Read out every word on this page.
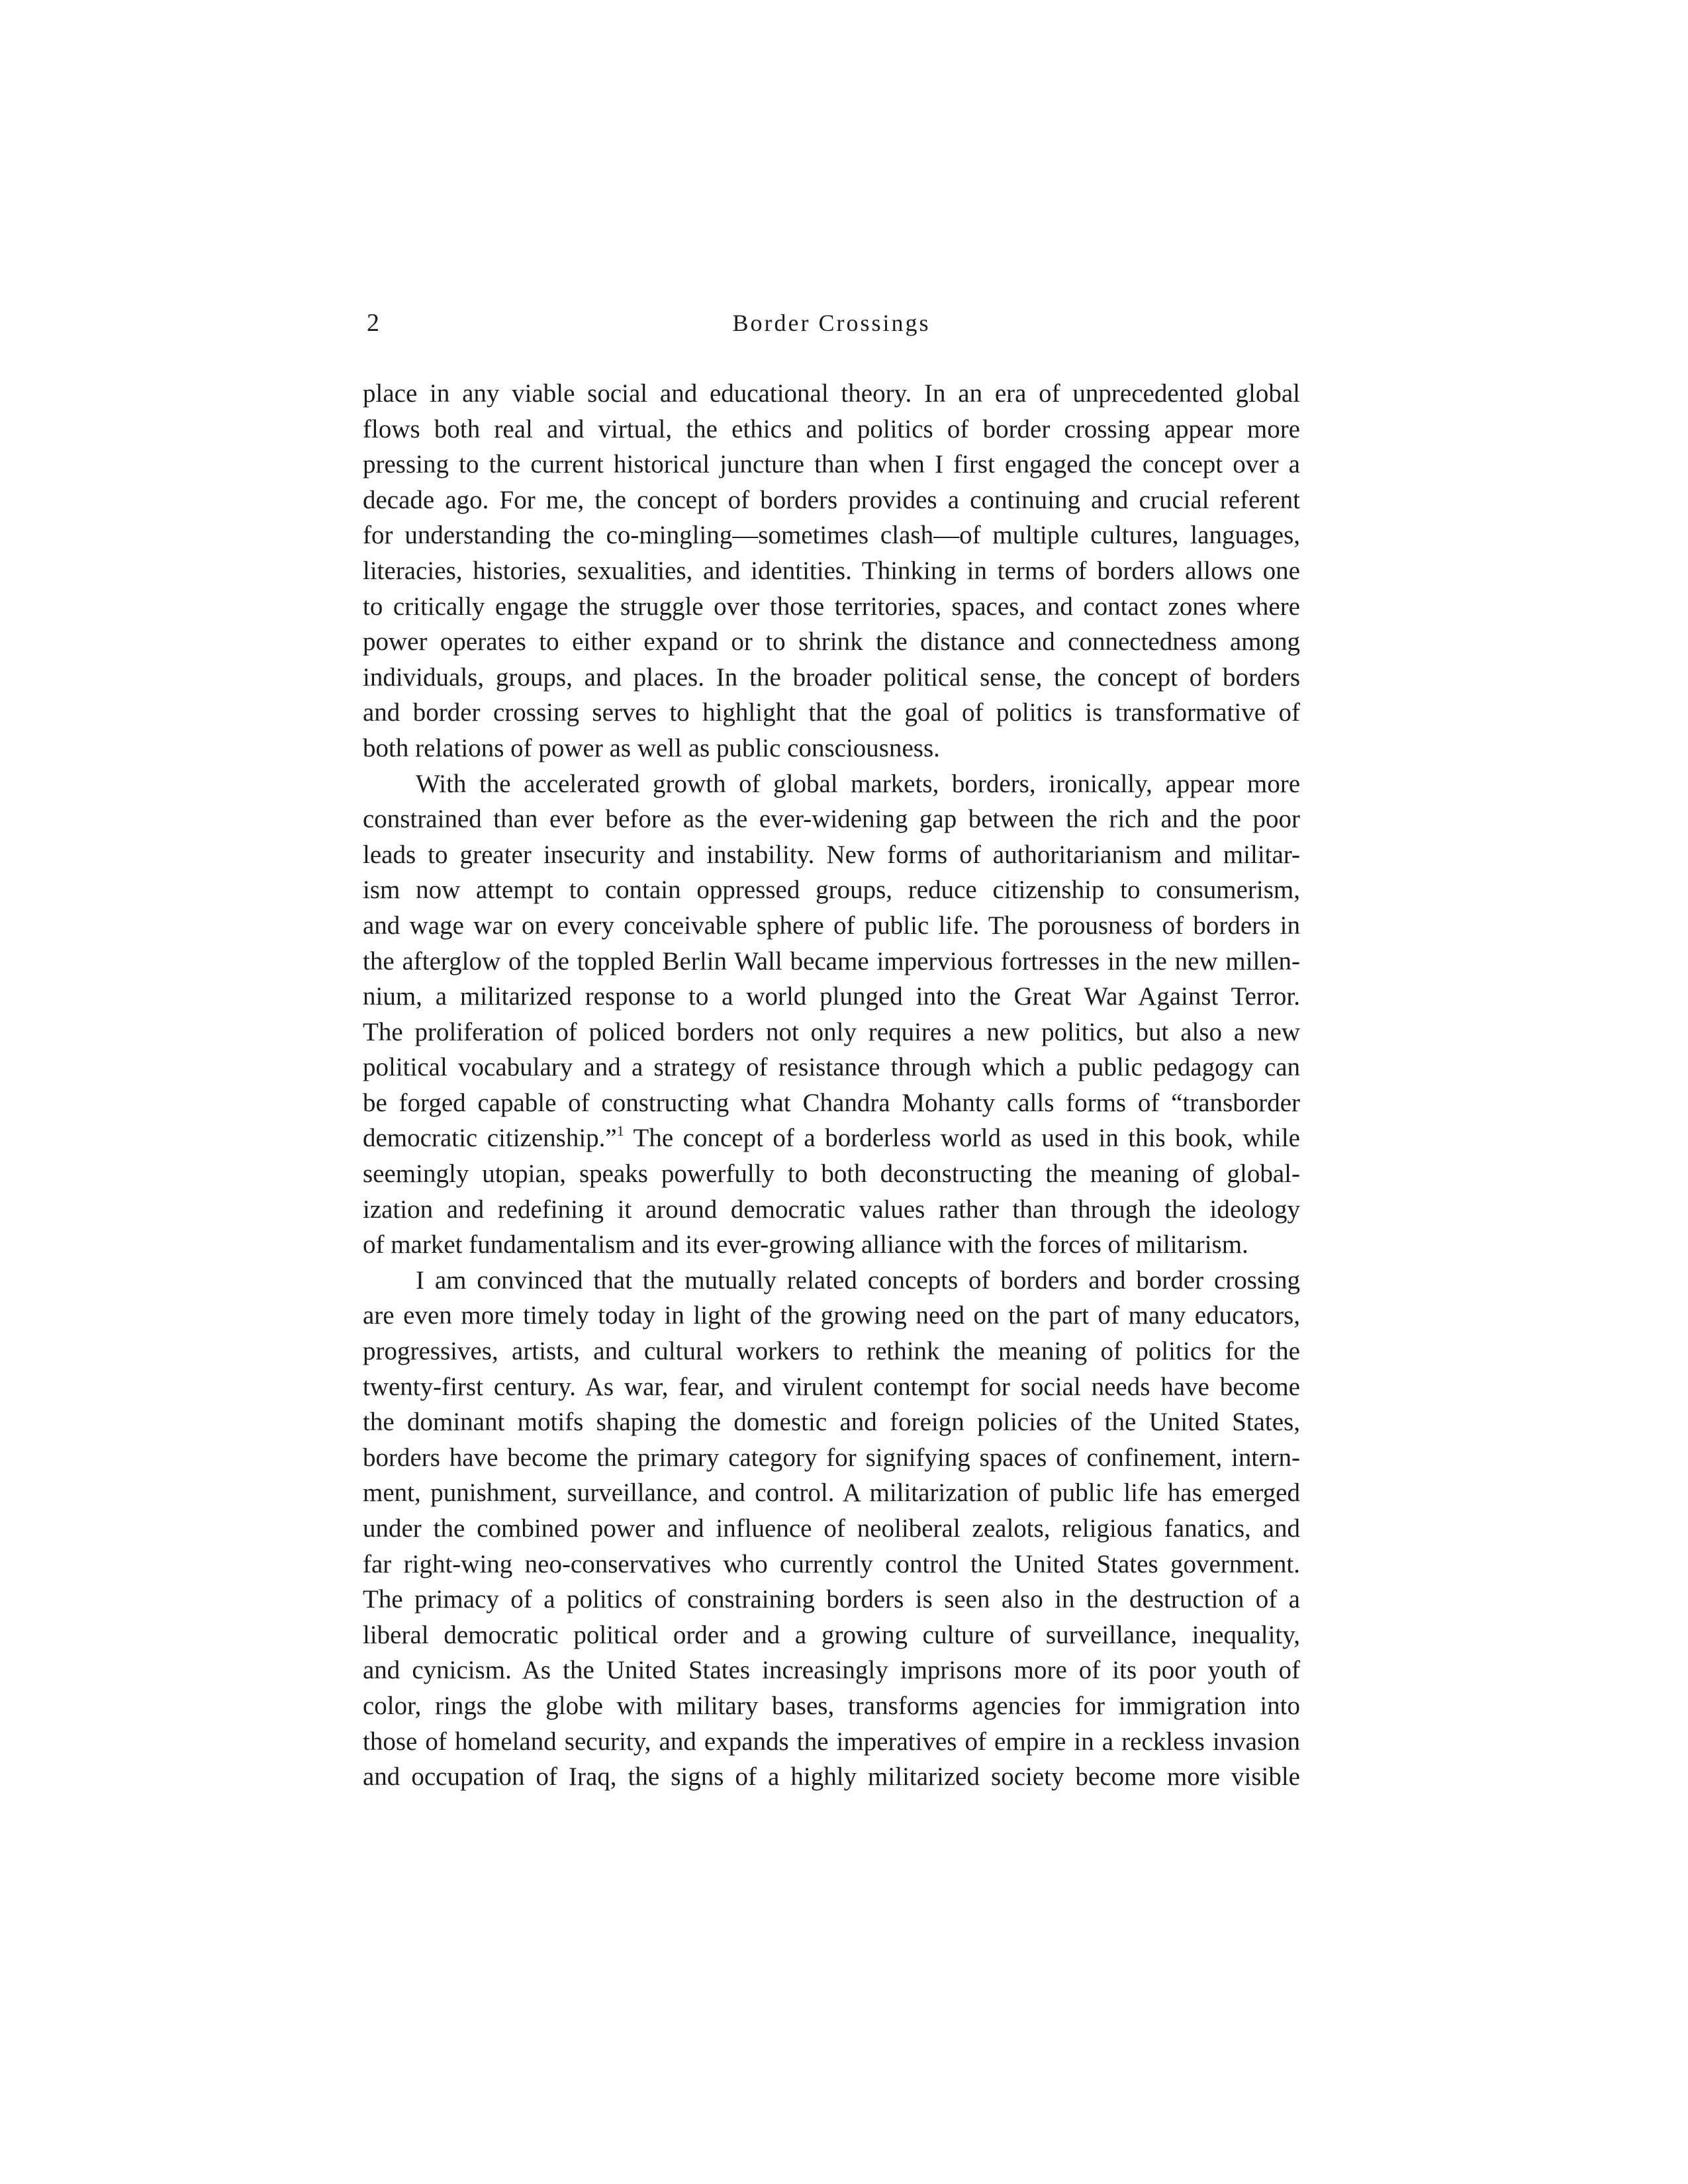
2	Border Crossings
place in any viable social and educational theory. In an era of unprecedented global
flows both real and virtual, the ethics and politics of border crossing appear more
pressing to the current historical juncture than when I first engaged the concept over a
decade ago. For me, the concept of borders provides a continuing and crucial referent
for understanding the co-mingling—sometimes clash—of multiple cultures, languages,
literacies, histories, sexualities, and identities. Thinking in terms of borders allows one
to critically engage the struggle over those territories, spaces, and contact zones where
power operates to either expand or to shrink the distance and connectedness among
individuals, groups, and places. In the broader political sense, the concept of borders
and border crossing serves to highlight that the goal of politics is transformative of
both relations of power as well as public consciousness.
With the accelerated growth of global markets, borders, ironically, appear more
constrained than ever before as the ever-widening gap between the rich and the poor
leads to greater insecurity and instability. New forms of authoritarianism and militar-
ism now attempt to contain oppressed groups, reduce citizenship to consumerism,
and wage war on every conceivable sphere of public life. The porousness of borders in
the afterglow of the toppled Berlin Wall became impervious fortresses in the new millen-
nium, a militarized response to a world plunged into the Great War Against Terror.
The proliferation of policed borders not only requires a new politics, but also a new
political vocabulary and a strategy of resistance through which a public pedagogy can
be forged capable of constructing what Chandra Mohanty calls forms of “transborder
democratic citizenship.”$^1$ The concept of a borderless world as used in this book, while
seemingly utopian, speaks powerfully to both deconstructing the meaning of global-
ization and redefining it around democratic values rather than through the ideology
of market fundamentalism and its ever-growing alliance with the forces of militarism.
I am convinced that the mutually related concepts of borders and border crossing
are even more timely today in light of the growing need on the part of many educators,
progressives, artists, and cultural workers to rethink the meaning of politics for the
twenty-first century. As war, fear, and virulent contempt for social needs have become
the dominant motifs shaping the domestic and foreign policies of the United States,
borders have become the primary category for signifying spaces of confinement, intern-
ment, punishment, surveillance, and control. A militarization of public life has emerged
under the combined power and influence of neoliberal zealots, religious fanatics, and
far right-wing neo-conservatives who currently control the United States government.
The primacy of a politics of constraining borders is seen also in the destruction of a
liberal democratic political order and a growing culture of surveillance, inequality,
and cynicism. As the United States increasingly imprisons more of its poor youth of
color, rings the globe with military bases, transforms agencies for immigration into
those of homeland security, and expands the imperatives of empire in a reckless invasion
and occupation of Iraq, the signs of a highly militarized society become more visible
